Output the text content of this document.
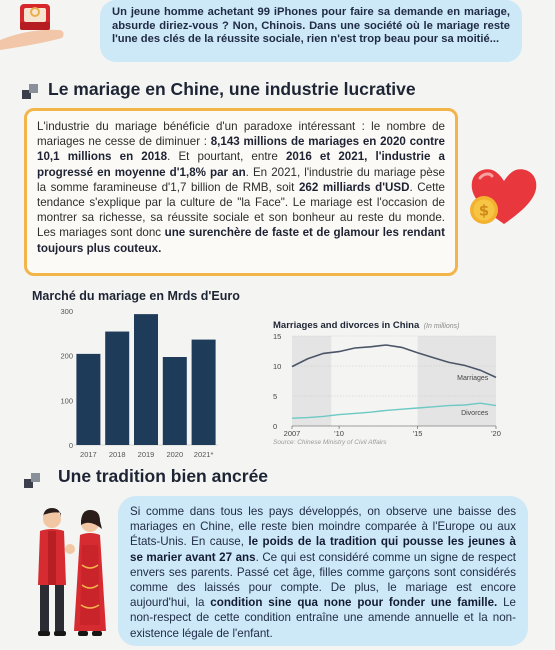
Un jeune homme achetant 99 iPhones pour faire sa demande en mariage, absurde diriez-vous ? Non, Chinois. Dans une société où le mariage reste l'une des clés de la réussite sociale, rien n'est trop beau pour sa moitié...
Le mariage en Chine, une industrie lucrative
L'industrie du mariage bénéficie d'un paradoxe intéressant : le nombre de mariages ne cesse de diminuer : 8,143 millions de mariages en 2020 contre 10,1 millions en 2018. Et pourtant, entre 2016 et 2021, l'industrie a progressé en moyenne d'1,8% par an. En 2021, l'industrie du mariage pèse la somme faramineuse d'1,7 billion de RMB, soit 262 milliards d'USD. Cette tendance s'explique par la culture de "la Face". Le mariage est l'occasion de montrer sa richesse, sa réussite sociale et son bonheur au reste du monde. Les mariages sont donc une surenchère de faste et de glamour les rendant toujours plus couteux.
$
Marché du mariage en Mrds d'Euro
0
100
200
300
2017 2018 2019 2020 2021*
Marriages and divorces in China (In millions)
0
5
10
15
Marriages
Divorces
2007	'10	'15	'20
Source: Chinese Ministry of Civil Affairs
Une tradition bien ancrée
Si comme dans tous les pays développés, on observe une baisse des mariages en Chine, elle reste bien moindre comparée à l'Europe ou aux États-Unis. En cause, le poids de la tradition qui pousse les jeunes à se marier avant 27 ans. Ce qui est considéré comme un signe de respect envers ses parents. Passé cet âge, filles comme garçons sont considérés comme des laissés pour compte. De plus, le mariage est encore aujourd'hui, la condition sine qua none pour fonder une famille. Le non-respect de cette condition entraîne une amende annuelle et la non-existence légale de l'enfant.
